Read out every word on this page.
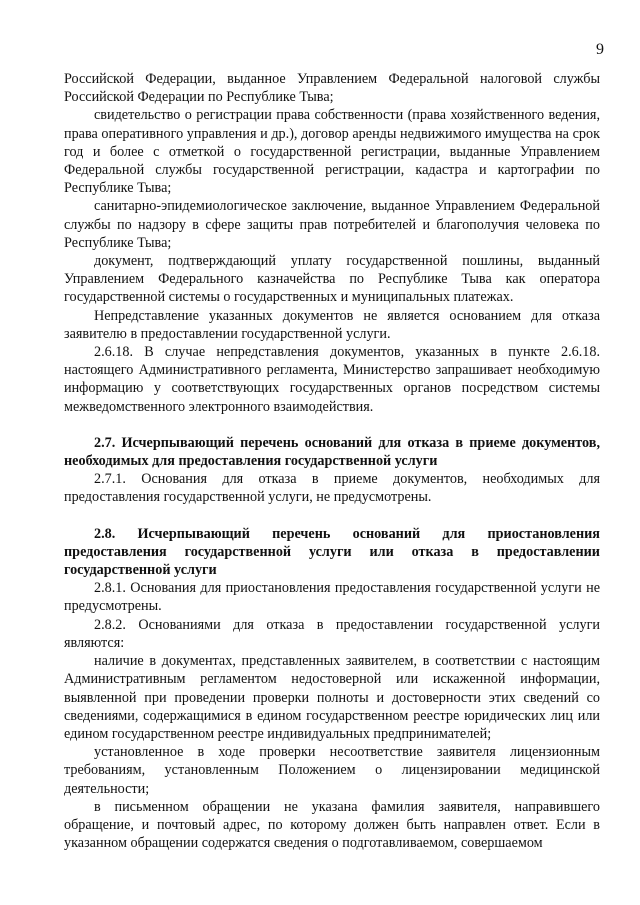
9

Российской Федерации, выданное Управлением Федеральной налоговой службы Российской Федерации по Республике Тыва;

свидетельство о регистрации права собственности (права хозяйственного ведения, права оперативного управления и др.), договор аренды недвижимого имущества на срок год и более с отметкой о государственной регистрации, выданные Управлением Федеральной службы государственной регистрации, кадастра и картографии по Республике Тыва;

санитарно-эпидемиологическое заключение, выданное Управлением Федеральной службы по надзору в сфере защиты прав потребителей и благополучия человека по Республике Тыва;

документ, подтверждающий уплату государственной пошлины, выданный Управлением Федерального казначейства по Республике Тыва как оператора государственной системы о государственных и муниципальных платежах.

Непредставление указанных документов не является основанием для отказа заявителю в предоставлении государственной услуги.

2.6.18. В случае непредставления документов, указанных в пункте 2.6.18. настоящего Административного регламента, Министерство запрашивает необходимую информацию у соответствующих государственных органов посредством системы межведомственного электронного взаимодействия.

2.7. Исчерпывающий перечень оснований для отказа в приеме документов, необходимых для предоставления государственной услуги

2.7.1. Основания для отказа в приеме документов, необходимых для предоставления государственной услуги, не предусмотрены.

2.8. Исчерпывающий перечень оснований для приостановления предоставления государственной услуги или отказа в предоставлении государственной услуги

2.8.1. Основания для приостановления предоставления государственной услуги не предусмотрены.

2.8.2. Основаниями для отказа в предоставлении государственной услуги являются:

наличие в документах, представленных заявителем, в соответствии с настоящим Административным регламентом недостоверной или искаженной информации, выявленной при проведении проверки полноты и достоверности этих сведений со сведениями, содержащимися в едином государственном реестре юридических лиц или едином государственном реестре индивидуальных предпринимателей;

установленное в ходе проверки несоответствие заявителя лицензионным требованиям, установленным Положением о лицензировании медицинской деятельности;

в письменном обращении не указана фамилия заявителя, направившего обращение, и почтовый адрес, по которому должен быть направлен ответ. Если в указанном обращении содержатся сведения о подготавливаемом, совершаемом
